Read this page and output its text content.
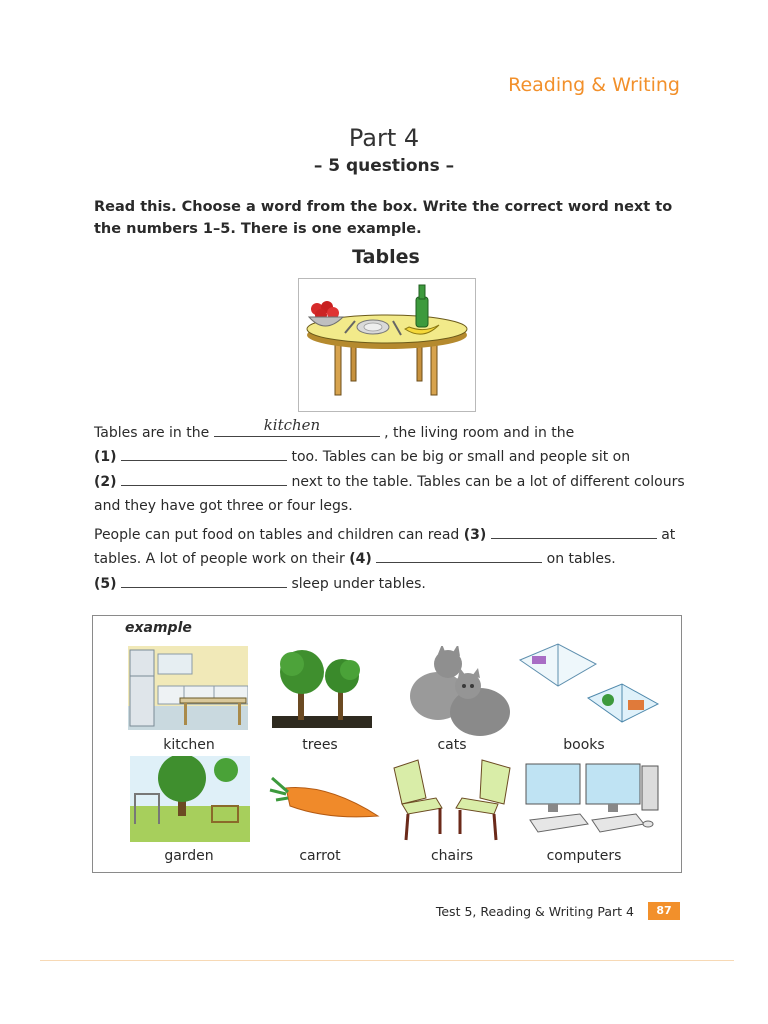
Reading & Writing
Part 4
– 5 questions –
Read this. Choose a word from the box. Write the correct word next to the numbers 1–5. There is one example.
Tables

Tables are in the	kitchen	, the living room and in the
(1)	too. Tables can be big or small and people sit on
(2)	next to the table. Tables can be a lot of different colours and they have got three or four legs.

People can put food on tables and children can read (3)	at tables. A lot of people work on their (4)	on tables.
(5)	sleep under tables.

example
kitchen	trees	cats	books
garden	carrot	chairs	computers
Test 5, Reading & Writing Part 4	87
